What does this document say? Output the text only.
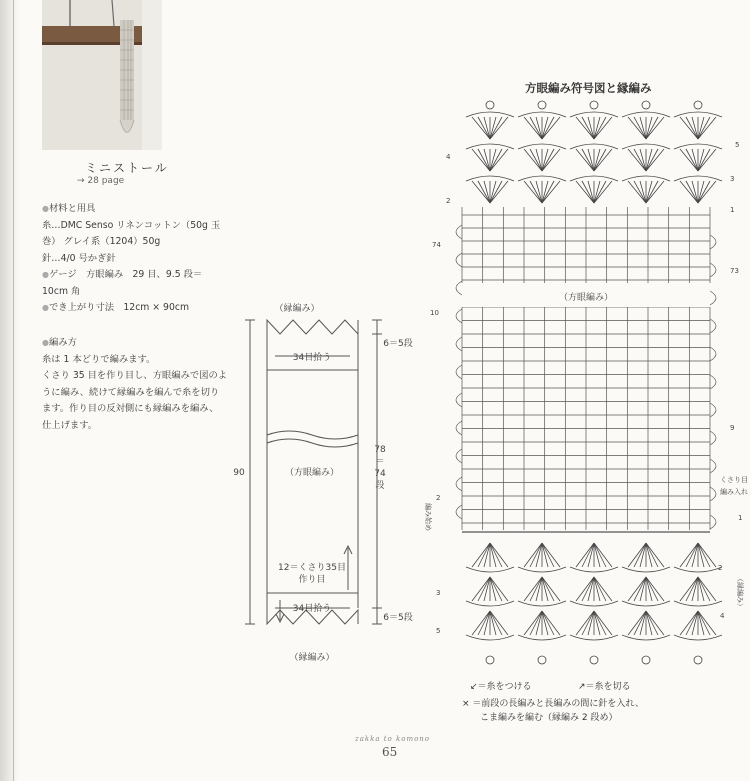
ミニストール
→ 28 page
●材料と用具
糸…DMC Senso リネンコットン（50g 玉
巻） グレイ系（1204）50g
針…4/0 号かぎ針
●ゲージ　方眼編み　29 目、9.5 段＝
10cm 角
●でき上がり寸法　12cm × 90cm
●編み方
糸は 1 本どりで編みます。
くさり 35 目を作り目し、方眼編みで図のよ
うに編み、続けて縁編みを編んで糸を切り
ます。作り目の反対側にも縁編みを編み、
仕上げます。
（縁編み）
34目拾う
6＝5段
（方眼編み）
90
78
＝
74
段
12＝くさり35目
作り目
34目拾う
6＝5段
（縁編み）
方眼編み符号図と縁編み
（方眼編み）
4
2
74
10
2
3
5
5
3
1
73
9
1
2
4
くさり目
編み入れ
編み始め
（縁編み）
↙＝糸をつける	↗＝糸を切る
× ＝前段の長編みと長編みの間に針を入れ、
こま編みを編む（縁編み 2 段め）
zakka to komono
65
